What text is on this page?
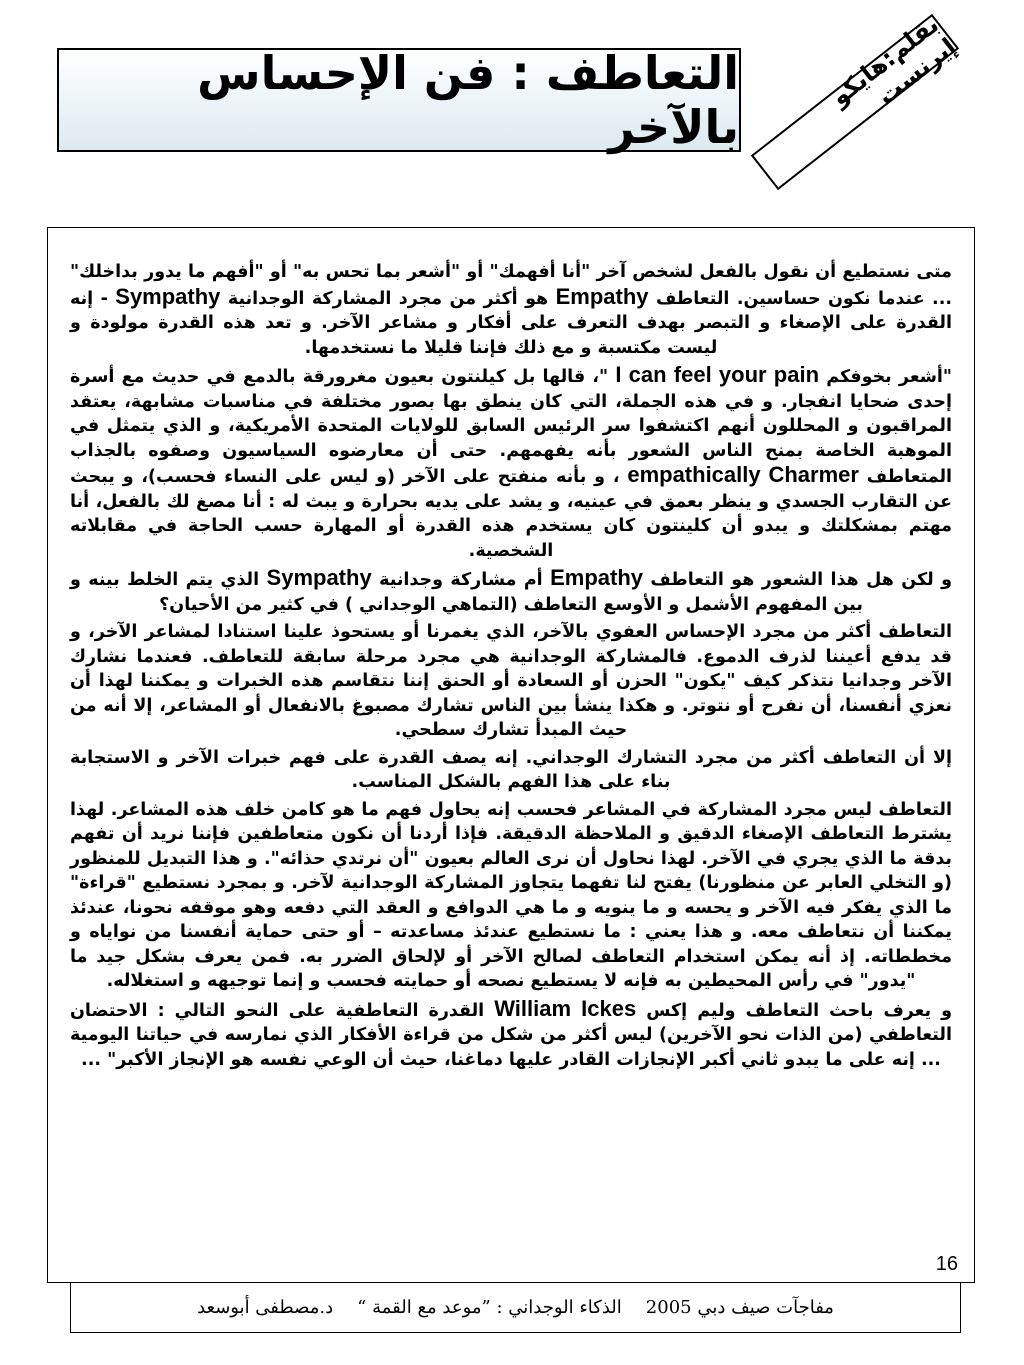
التعاطف : فن الإحساس بالآخر
بقلم:هايكو إيرنست

متى نستطيع أن نقول بالفعل لشخص آخر "أنا أفهمك" أو "أشعر بما تحس به" أو "أفهم ما يدور بداخلك" ... عندما نكون حساسين. التعاطف Empathy هو أكثر من مجرد المشاركة الوجدانية Sympathy - إنه القدرة على الإصغاء و التبصر بهدف التعرف على أفكار و مشاعر الآخر. و تعد هذه القدرة مولودة و ليست مكتسبة و مع ذلك فإننا قليلا ما نستخدمها.

"أشعر بخوفكم I can feel your pain "، قالها بل كيلنتون بعيون مغرورقة بالدمع في حديث مع أسرة إحدى ضحايا انفجار. و في هذه الجملة، التي كان ينطق بها بصور مختلفة في مناسبات مشابهة، يعتقد المراقبون و المحللون أنهم اكتشفوا سر الرئيس السابق للولايات المتحدة الأمريكية، و الذي يتمثل في الموهبة الخاصة بمنح الناس الشعور بأنه يفهمهم. حتى أن معارضوه السياسيون وصفوه بالجذاب المتعاطف empathically Charmer ، و بأنه منفتح على الآخر (و ليس على النساء فحسب)، و يبحث عن التقارب الجسدي و ينظر بعمق في عينيه، و يشد على يديه بحرارة و يبث له : أنا مصغ لك بالفعل، أنا مهتم بمشكلتك و يبدو أن كلينتون كان يستخدم هذه القدرة أو المهارة حسب الحاجة في مقابلاته الشخصية.

و لكن هل هذا الشعور هو التعاطف Empathy أم مشاركة وجدانية Sympathy الذي يتم الخلط بينه و بين المفهوم الأشمل و الأوسع التعاطف (التماهي الوجداني ) في كثير من الأحيان؟

التعاطف أكثر من مجرد الإحساس العفوي بالآخر، الذي يغمرنا أو يستحوذ علينا استنادا لمشاعر الآخر، و قد يدفع أعيننا لذرف الدموع. فالمشاركة الوجدانية هي مجرد مرحلة سابقة للتعاطف. فعندما نشارك الآخر وجدانيا نتذكر كيف "يكون" الحزن أو السعادة أو الحنق إننا نتقاسم هذه الخبرات و يمكننا لهذا أن نعزي أنفسنا، أن نفرح أو نتوتر. و هكذا ينشأ بين الناس تشارك مصبوغ بالانفعال أو المشاعر، إلا أنه من حيث المبدأ تشارك سطحي.

إلا أن التعاطف أكثر من مجرد التشارك الوجداني. إنه يصف القدرة على فهم خبرات الآخر و الاستجابة بناء على هذا الفهم بالشكل المناسب.

التعاطف ليس مجرد المشاركة في المشاعر فحسب إنه يحاول فهم ما هو كامن خلف هذه المشاعر. لهذا يشترط التعاطف الإصغاء الدقيق و الملاحظة الدقيقة. فإذا أردنا أن نكون متعاطفين فإننا نريد أن تفهم بدقة ما الذي يجري في الآخر. لهذا نحاول أن نرى العالم بعيون "أن نرتدي حذائه". و هذا التبديل للمنظور (و التخلي العابر عن منظورنا) يفتح لنا تفهما يتجاوز المشاركة الوجدانية لآخر. و بمجرد نستطيع "قراءة" ما الذي يفكر فيه الآخر و يحسه و ما ينويه و ما هي الدوافع و العقد التي دفعه وهو موقفه نحونا، عندئذ يمكننا أن نتعاطف معه. و هذا يعني : ما نستطيع عندئذ مساعدته – أو حتى حماية أنفسنا من نواياه و مخططاته. إذ أنه يمكن استخدام التعاطف لصالح الآخر أو لإلحاق الضرر به. فمن يعرف بشكل جيد ما "يدور" في رأس المحيطين به فإنه لا يستطيع نصحه أو حمايته فحسب و إنما توجيهه و استغلاله.

و يعرف باحث التعاطف وليم إكس William Ickes القدرة التعاطفية على النحو التالي : الاحتضان التعاطفي (من الذات نحو الآخرين) ليس أكثر من شكل من قراءة الأفكار الذي نمارسه في حياتنا اليومية ... إنه على ما يبدو ثاني أكبر الإنجازات القادر عليها دماغنا، حيث أن الوعي نفسه هو الإنجاز الأكبر" ...

16
مفاجآت صيف دبي 2005
الذكاء الوجداني : ”موعد مع القمة “
د.مصطفى أبوسعد
